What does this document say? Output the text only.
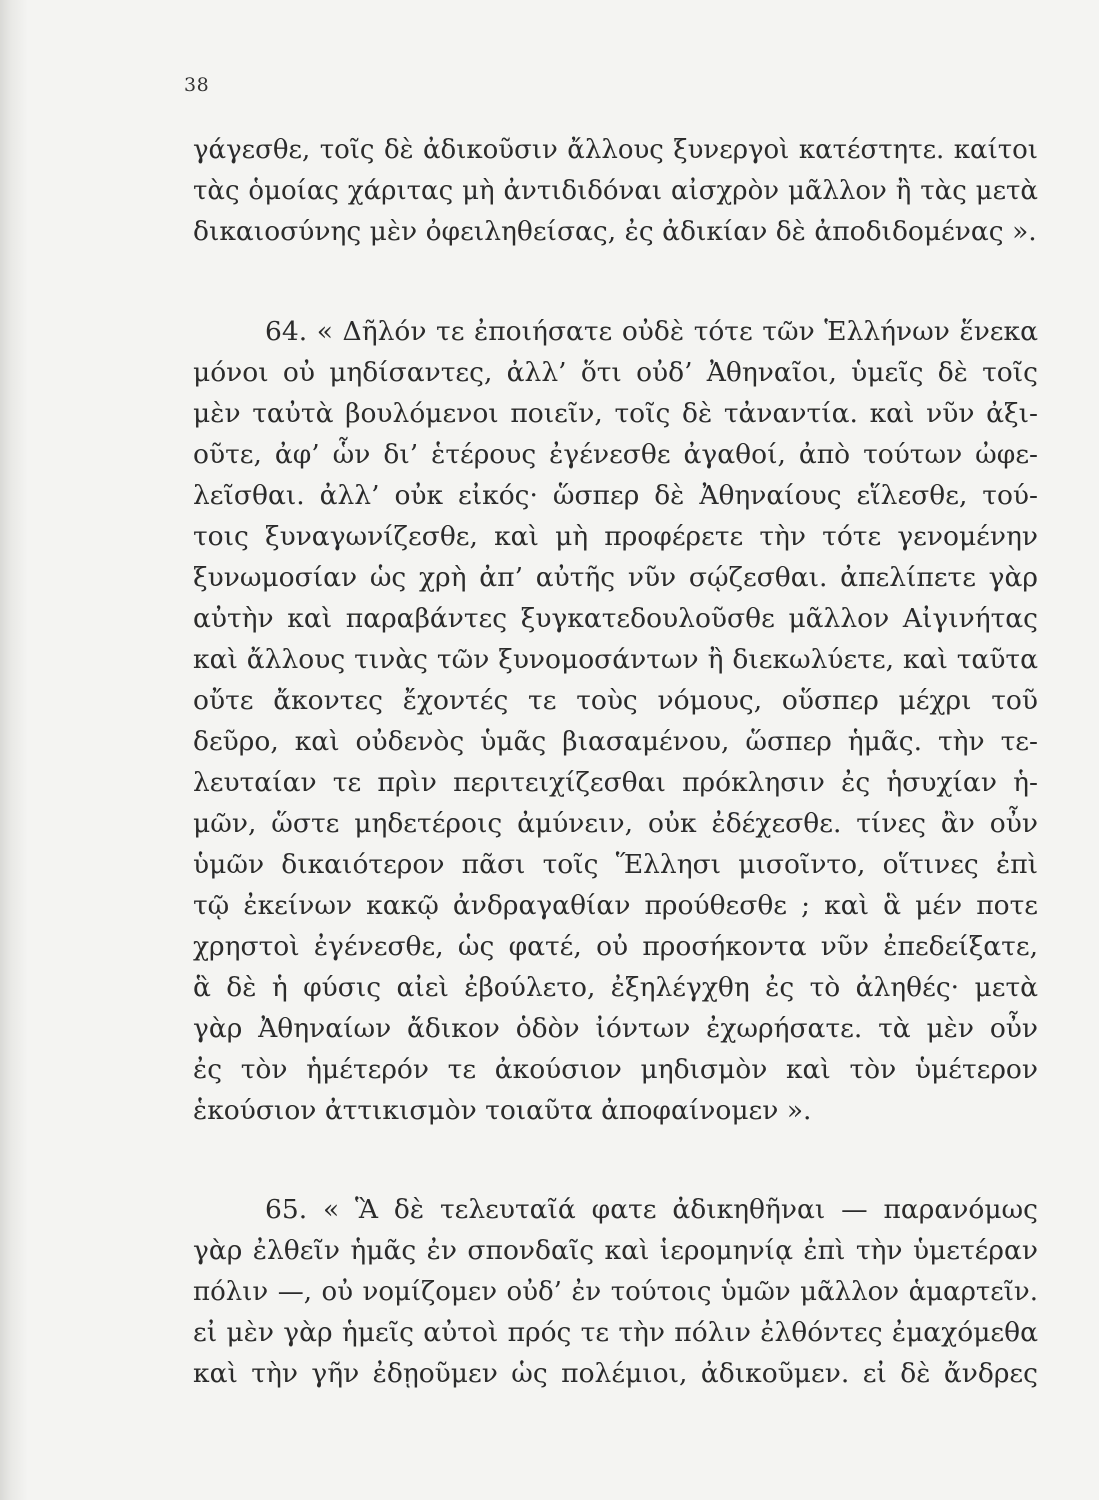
38
γάγεσθε, τοῖς δὲ ἀδικοῦσιν ἄλλους ξυνεργοὶ κατέστητε. καίτοι
τὰς ὁμοίας χάριτας μὴ ἀντιδιδόναι αἰσχρὸν μᾶλλον ἢ τὰς μετὰ
δικαιοσύνης μὲν ὀφειληθείσας, ἐς ἀδικίαν δὲ ἀποδιδομένας ».
64. « Δῆλόν τε ἐποιήσατε οὐδὲ τότε τῶν Ἑλλήνων ἕνεκα
μόνοι οὐ μηδίσαντες, ἀλλ’ ὅτι οὐδ’ Ἀθηναῖοι, ὑμεῖς δὲ τοῖς
μὲν ταὐτὰ βουλόμενοι ποιεῖν, τοῖς δὲ τἀναντία. καὶ νῦν ἀξι-
οῦτε, ἀφ’ ὧν δι’ ἑτέρους ἐγένεσθε ἀγαθοί, ἀπὸ τούτων ὠφε-
λεῖσθαι. ἀλλ’ οὐκ εἰκός· ὥσπερ δὲ Ἀθηναίους εἵλεσθε, τού-
τοις ξυναγωνίζεσθε, καὶ μὴ προφέρετε τὴν τότε γενομένην
ξυνωμοσίαν ὡς χρὴ ἀπ’ αὐτῆς νῦν σῴζεσθαι. ἀπελίπετε γὰρ
αὐτὴν καὶ παραβάντες ξυγκατεδουλοῦσθε μᾶλλον Αἰγινήτας
καὶ ἄλλους τινὰς τῶν ξυνομοσάντων ἢ διεκωλύετε, καὶ ταῦτα
οὔτε ἄκοντες ἔχοντές τε τοὺς νόμους, οὕσπερ μέχρι τοῦ
δεῦρο, καὶ οὐδενὸς ὑμᾶς βιασαμένου, ὥσπερ ἡμᾶς. τὴν τε-
λευταίαν τε πρὶν περιτειχίζεσθαι πρόκλησιν ἐς ἡσυχίαν ἡ-
μῶν, ὥστε μηδετέροις ἀμύνειν, οὐκ ἐδέχεσθε. τίνες ἂν οὖν
ὑμῶν δικαιότερον πᾶσι τοῖς Ἕλλησι μισοῖντο, οἵτινες ἐπὶ
τῷ ἐκείνων κακῷ ἀνδραγαθίαν προύθεσθε ; καὶ ἃ μέν ποτε
χρηστοὶ ἐγένεσθε, ὡς φατέ, οὐ προσήκοντα νῦν ἐπεδείξατε,
ἃ δὲ ἡ φύσις αἰεὶ ἐβούλετο, ἐξηλέγχθη ἐς τὸ ἀληθές· μετὰ
γὰρ Ἀθηναίων ἄδικον ὁδὸν ἰόντων ἐχωρήσατε. τὰ μὲν οὖν
ἐς τὸν ἡμέτερόν τε ἀκούσιον μηδισμὸν καὶ τὸν ὑμέτερον
ἑκούσιον ἀττικισμὸν τοιαῦτα ἀποφαίνομεν ».
65. « Ἃ δὲ τελευταῖά φατε ἀδικηθῆναι — παρανόμως
γὰρ ἐλθεῖν ἡμᾶς ἐν σπονδαῖς καὶ ἱερομηνίᾳ ἐπὶ τὴν ὑμετέραν
πόλιν —, οὐ νομίζομεν οὐδ’ ἐν τούτοις ὑμῶν μᾶλλον ἁμαρτεῖν.
εἰ μὲν γὰρ ἡμεῖς αὐτοὶ πρός τε τὴν πόλιν ἐλθόντες ἐμαχόμεθα
καὶ τὴν γῆν ἐδῃοῦμεν ὡς πολέμιοι, ἀδικοῦμεν. εἰ δὲ ἄνδρες
